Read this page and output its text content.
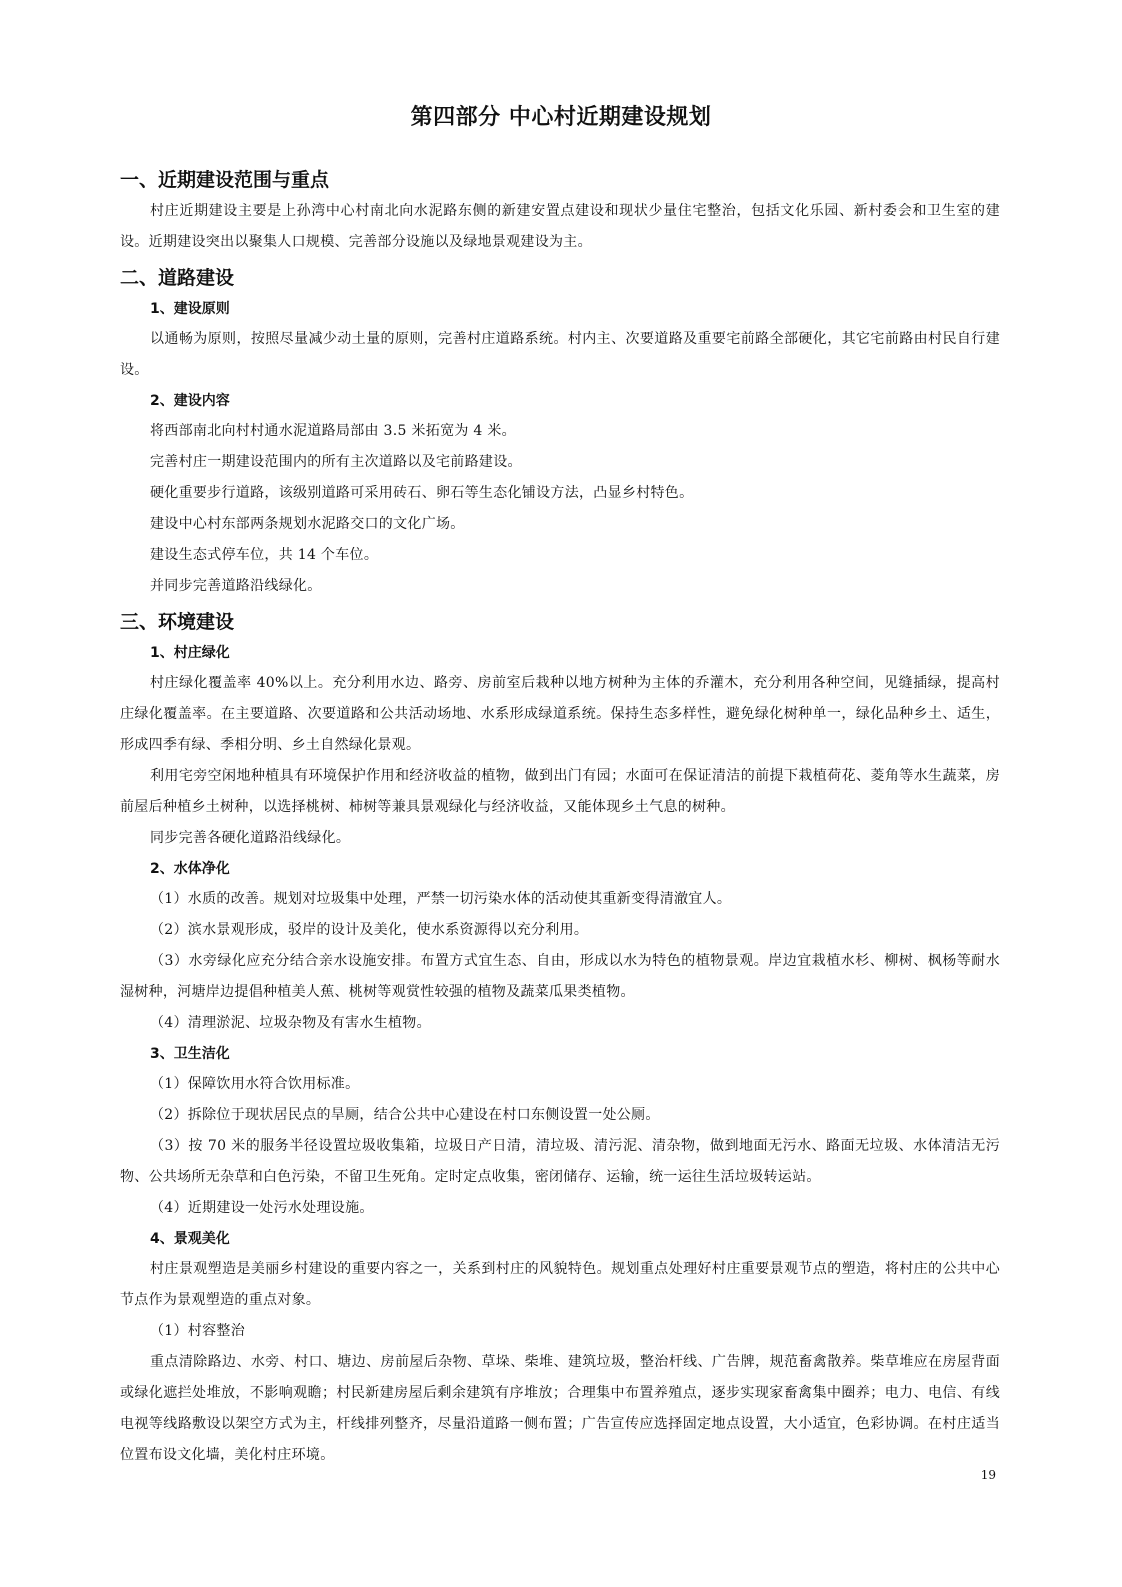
第四部分 中心村近期建设规划
一、近期建设范围与重点
村庄近期建设主要是上孙湾中心村南北向水泥路东侧的新建安置点建设和现状少量住宅整治，包括文化乐园、新村委会和卫生室的建设。近期建设突出以聚集人口规模、完善部分设施以及绿地景观建设为主。
二、道路建设
1、建设原则
以通畅为原则，按照尽量减少动土量的原则，完善村庄道路系统。村内主、次要道路及重要宅前路全部硬化，其它宅前路由村民自行建设。
2、建设内容
将西部南北向村村通水泥道路局部由 3.5 米拓宽为 4 米。
完善村庄一期建设范围内的所有主次道路以及宅前路建设。
硬化重要步行道路，该级别道路可采用砖石、卵石等生态化铺设方法，凸显乡村特色。
建设中心村东部两条规划水泥路交口的文化广场。
建设生态式停车位，共 14 个车位。
并同步完善道路沿线绿化。
三、环境建设
1、村庄绿化
村庄绿化覆盖率 40%以上。充分利用水边、路旁、房前室后栽种以地方树种为主体的乔灌木，充分利用各种空间，见缝插绿，提高村庄绿化覆盖率。在主要道路、次要道路和公共活动场地、水系形成绿道系统。保持生态多样性，避免绿化树种单一，绿化品种乡土、适生，形成四季有绿、季相分明、乡土自然绿化景观。
利用宅旁空闲地种植具有环境保护作用和经济收益的植物，做到出门有园；水面可在保证清洁的前提下栽植荷花、菱角等水生蔬菜，房前屋后种植乡土树种，以选择桃树、柿树等兼具景观绿化与经济收益，又能体现乡土气息的树种。
同步完善各硬化道路沿线绿化。
2、水体净化
（1）水质的改善。规划对垃圾集中处理，严禁一切污染水体的活动使其重新变得清澈宜人。
（2）滨水景观形成，驳岸的设计及美化，使水系资源得以充分利用。
（3）水旁绿化应充分结合亲水设施安排。布置方式宜生态、自由，形成以水为特色的植物景观。岸边宜栽植水杉、柳树、枫杨等耐水湿树种，河塘岸边提倡种植美人蕉、桃树等观赏性较强的植物及蔬菜瓜果类植物。
（4）清理淤泥、垃圾杂物及有害水生植物。
3、卫生洁化
（1）保障饮用水符合饮用标准。
（2）拆除位于现状居民点的旱厕，结合公共中心建设在村口东侧设置一处公厕。
（3）按 70 米的服务半径设置垃圾收集箱，垃圾日产日清，清垃圾、清污泥、清杂物，做到地面无污水、路面无垃圾、水体清洁无污物、公共场所无杂草和白色污染，不留卫生死角。定时定点收集，密闭储存、运输，统一运往生活垃圾转运站。
（4）近期建设一处污水处理设施。
4、景观美化
村庄景观塑造是美丽乡村建设的重要内容之一，关系到村庄的风貌特色。规划重点处理好村庄重要景观节点的塑造，将村庄的公共中心节点作为景观塑造的重点对象。
（1）村容整治
重点清除路边、水旁、村口、塘边、房前屋后杂物、草垛、柴堆、建筑垃圾，整治杆线、广告牌，规范畜禽散养。柴草堆应在房屋背面或绿化遮拦处堆放，不影响观瞻；村民新建房屋后剩余建筑有序堆放；合理集中布置养殖点，逐步实现家畜禽集中圈养；电力、电信、有线电视等线路敷设以架空方式为主，杆线排列整齐，尽量沿道路一侧布置；广告宣传应选择固定地点设置，大小适宜，色彩协调。在村庄适当位置布设文化墙，美化村庄环境。
19
